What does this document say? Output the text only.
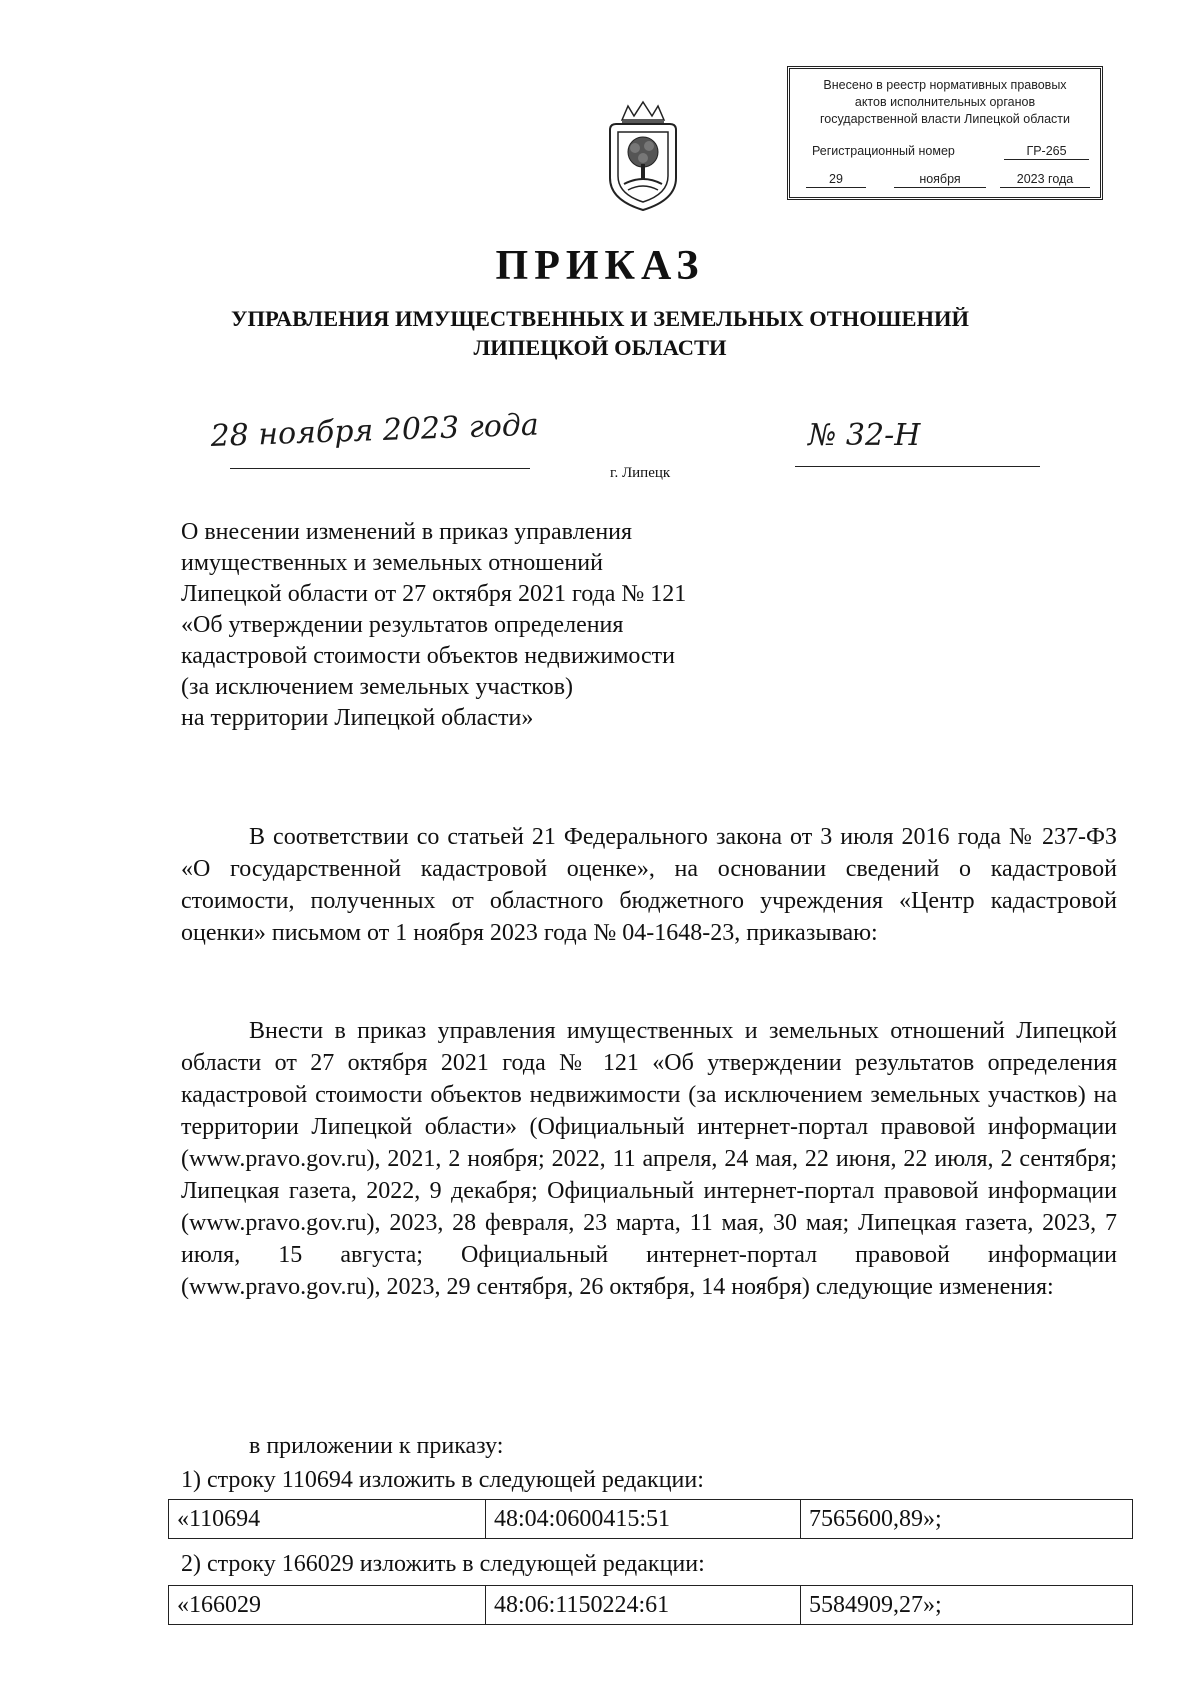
Внесено в реестр нормативных правовых
актов исполнительных органов
государственной власти Липецкой области
Регистрационный номер	ГР-265
29	ноября	2023 года
ПРИКАЗ
УПРАВЛЕНИЯ ИМУЩЕСТВЕННЫХ И ЗЕМЕЛЬНЫХ ОТНОШЕНИЙ
ЛИПЕЦКОЙ ОБЛАСТИ
28 ноября 2023 года	№ 32-Н
г. Липецк
О внесении изменений в приказ управления
имущественных и земельных отношений
Липецкой области от 27 октября 2021 года № 121
«Об утверждении результатов определения
кадастровой стоимости объектов недвижимости
(за исключением земельных участков)
на территории Липецкой области»
В соответствии со статьей 21 Федерального закона от 3 июля 2016 года № 237-ФЗ «О государственной кадастровой оценке», на основании сведений о кадастровой стоимости, полученных от областного бюджетного учреждения «Центр кадастровой оценки» письмом от 1 ноября 2023 года № 04-1648-23, приказываю:
Внести в приказ управления имущественных и земельных отношений Липецкой области от 27 октября 2021 года № 121 «Об утверждении результатов определения кадастровой стоимости объектов недвижимости (за исключением земельных участков) на территории Липецкой области» (Официальный интернет-портал правовой информации (www.pravo.gov.ru), 2021, 2 ноября; 2022, 11 апреля, 24 мая, 22 июня, 22 июля, 2 сентября; Липецкая газета, 2022, 9 декабря; Официальный интернет-портал правовой информации (www.pravo.gov.ru), 2023, 28 февраля, 23 марта, 11 мая, 30 мая; Липецкая газета, 2023, 7 июля, 15 августа; Официальный интернет-портал правовой информации (www.pravo.gov.ru), 2023, 29 сентября, 26 октября, 14 ноября) следующие изменения:
в приложении к приказу:
1) строку 110694 изложить в следующей редакции:
«110694	48:04:0600415:51	7565600,89»;
2) строку 166029 изложить в следующей редакции:
«166029	48:06:1150224:61	5584909,27»;
